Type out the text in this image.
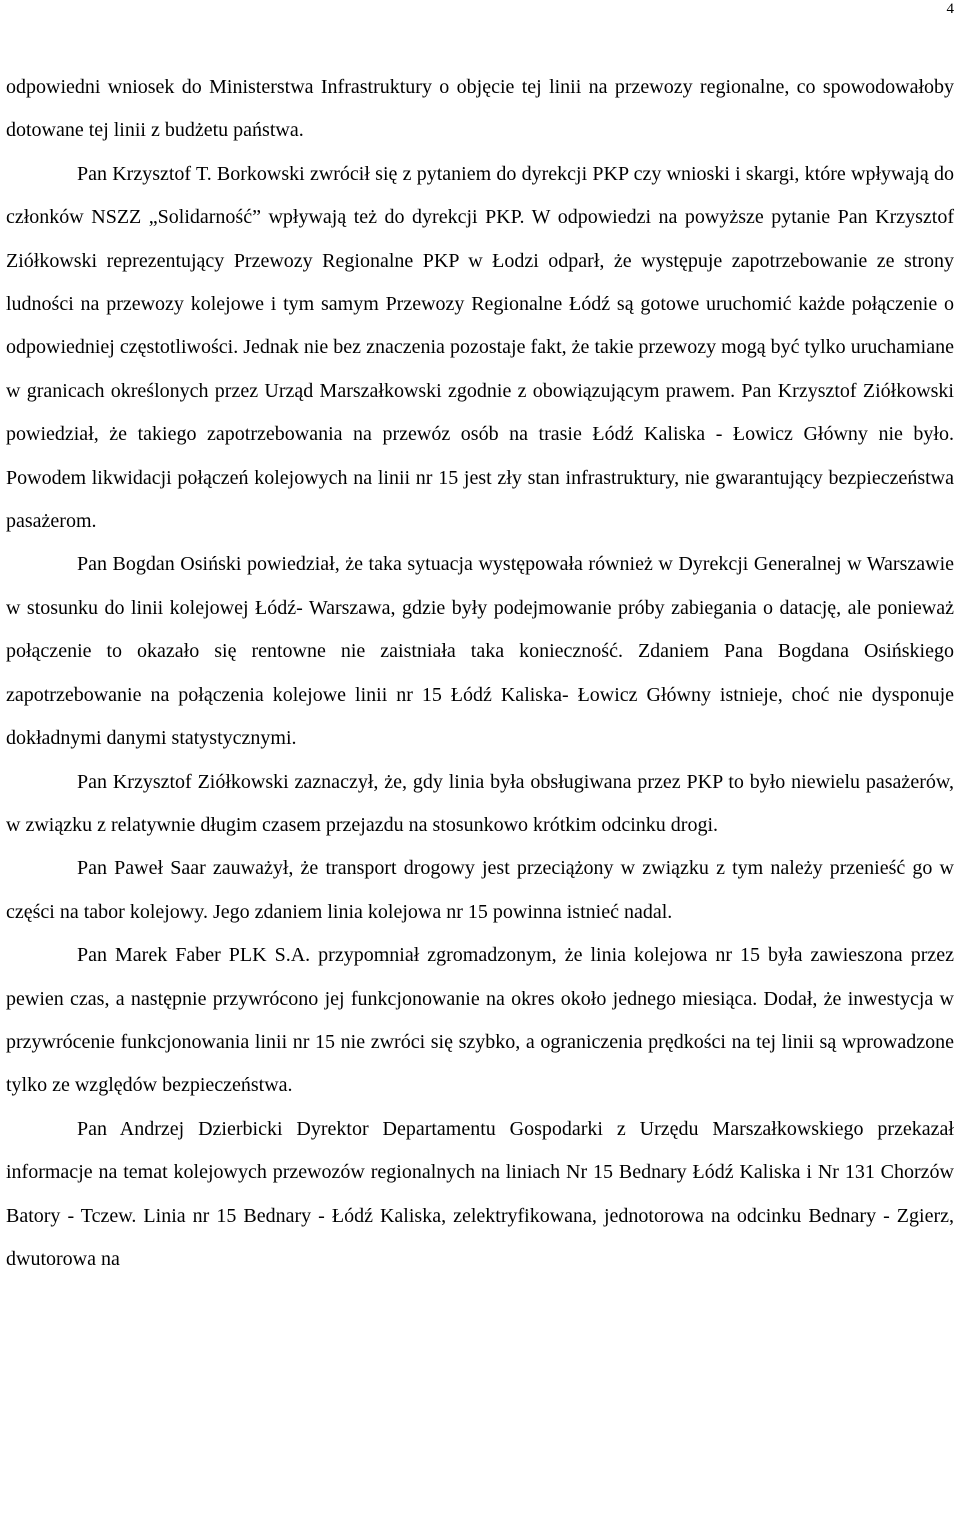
4

odpowiedni wniosek do Ministerstwa Infrastruktury o objęcie tej linii na przewozy regionalne, co spowodowałoby dotowane tej linii z budżetu państwa.

Pan Krzysztof T. Borkowski zwrócił się z pytaniem do dyrekcji PKP czy wnioski i skargi, które wpływają do członków NSZZ „Solidarność” wpływają też do dyrekcji PKP. W odpowiedzi na powyższe pytanie Pan Krzysztof Ziółkowski reprezentujący Przewozy Regionalne PKP w Łodzi odparł, że występuje zapotrzebowanie ze strony ludności na przewozy kolejowe i tym samym Przewozy Regionalne Łódź są gotowe uruchomić każde połączenie o odpowiedniej częstotliwości. Jednak nie bez znaczenia pozostaje fakt, że takie przewozy mogą być tylko uruchamiane w granicach określonych przez Urząd Marszałkowski zgodnie z obowiązującym prawem. Pan Krzysztof Ziółkowski powiedział, że takiego zapotrzebowania na przewóz osób na trasie Łódź Kaliska - Łowicz Główny nie było. Powodem likwidacji połączeń kolejowych na linii nr 15 jest zły stan infrastruktury, nie gwarantujący bezpieczeństwa pasażerom.

Pan Bogdan Osiński powiedział, że taka sytuacja występowała również w Dyrekcji Generalnej w Warszawie w stosunku do linii kolejowej Łódź- Warszawa, gdzie były podejmowanie próby zabiegania o datację, ale ponieważ połączenie to okazało się rentowne nie zaistniała taka konieczność. Zdaniem Pana Bogdana Osińskiego zapotrzebowanie na połączenia kolejowe linii nr 15 Łódź Kaliska- Łowicz Główny istnieje, choć nie dysponuje dokładnymi danymi statystycznymi.

Pan Krzysztof Ziółkowski zaznaczył, że, gdy linia była obsługiwana przez PKP to było niewielu pasażerów, w związku z relatywnie długim czasem przejazdu na stosunkowo krótkim odcinku drogi.

Pan Paweł Saar zauważył, że transport drogowy jest przeciążony w związku z tym należy przenieść go w części na tabor kolejowy. Jego zdaniem linia kolejowa nr 15 powinna istnieć nadal.

Pan Marek Faber PLK S.A. przypomniał zgromadzonym, że linia kolejowa nr 15 była zawieszona przez pewien czas, a następnie przywrócono jej funkcjonowanie na okres około jednego miesiąca. Dodał, że inwestycja w przywrócenie funkcjonowania linii nr 15 nie zwróci się szybko, a ograniczenia prędkości na tej linii są wprowadzone tylko ze względów bezpieczeństwa.

Pan Andrzej Dzierbicki Dyrektor Departamentu Gospodarki z Urzędu Marszałkowskiego przekazał informacje na temat kolejowych przewozów regionalnych na liniach Nr 15 Bednary Łódź Kaliska i Nr 131 Chorzów Batory - Tczew. Linia nr 15 Bednary - Łódź Kaliska, zelektryfikowana, jednotorowa na odcinku Bednary - Zgierz, dwutorowa na
